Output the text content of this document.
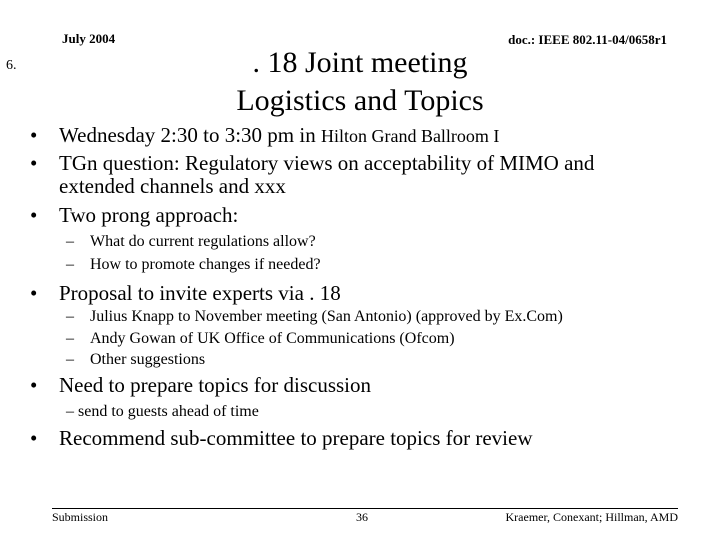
July 2004	doc.: IEEE 802.11-04/0658r1
6.	. 18 Joint meeting
Logistics and Topics
• Wednesday 2:30 to 3:30 pm in Hilton Grand Ballroom I
• TGn question: Regulatory views on acceptability of MIMO and
extended channels and xxx
• Two prong approach:
– What do current regulations allow?
– How to promote changes if needed?
• Proposal to invite experts via . 18
– Julius Knapp to November meeting (San Antonio) (approved by Ex.Com)
– Andy Gowan of UK Office of Communications (Ofcom)
– Other suggestions
• Need to prepare topics for discussion
– send to guests ahead of time
• Recommend sub-committee to prepare topics for review
Submission	36	Kraemer, Conexant; Hillman, AMD
